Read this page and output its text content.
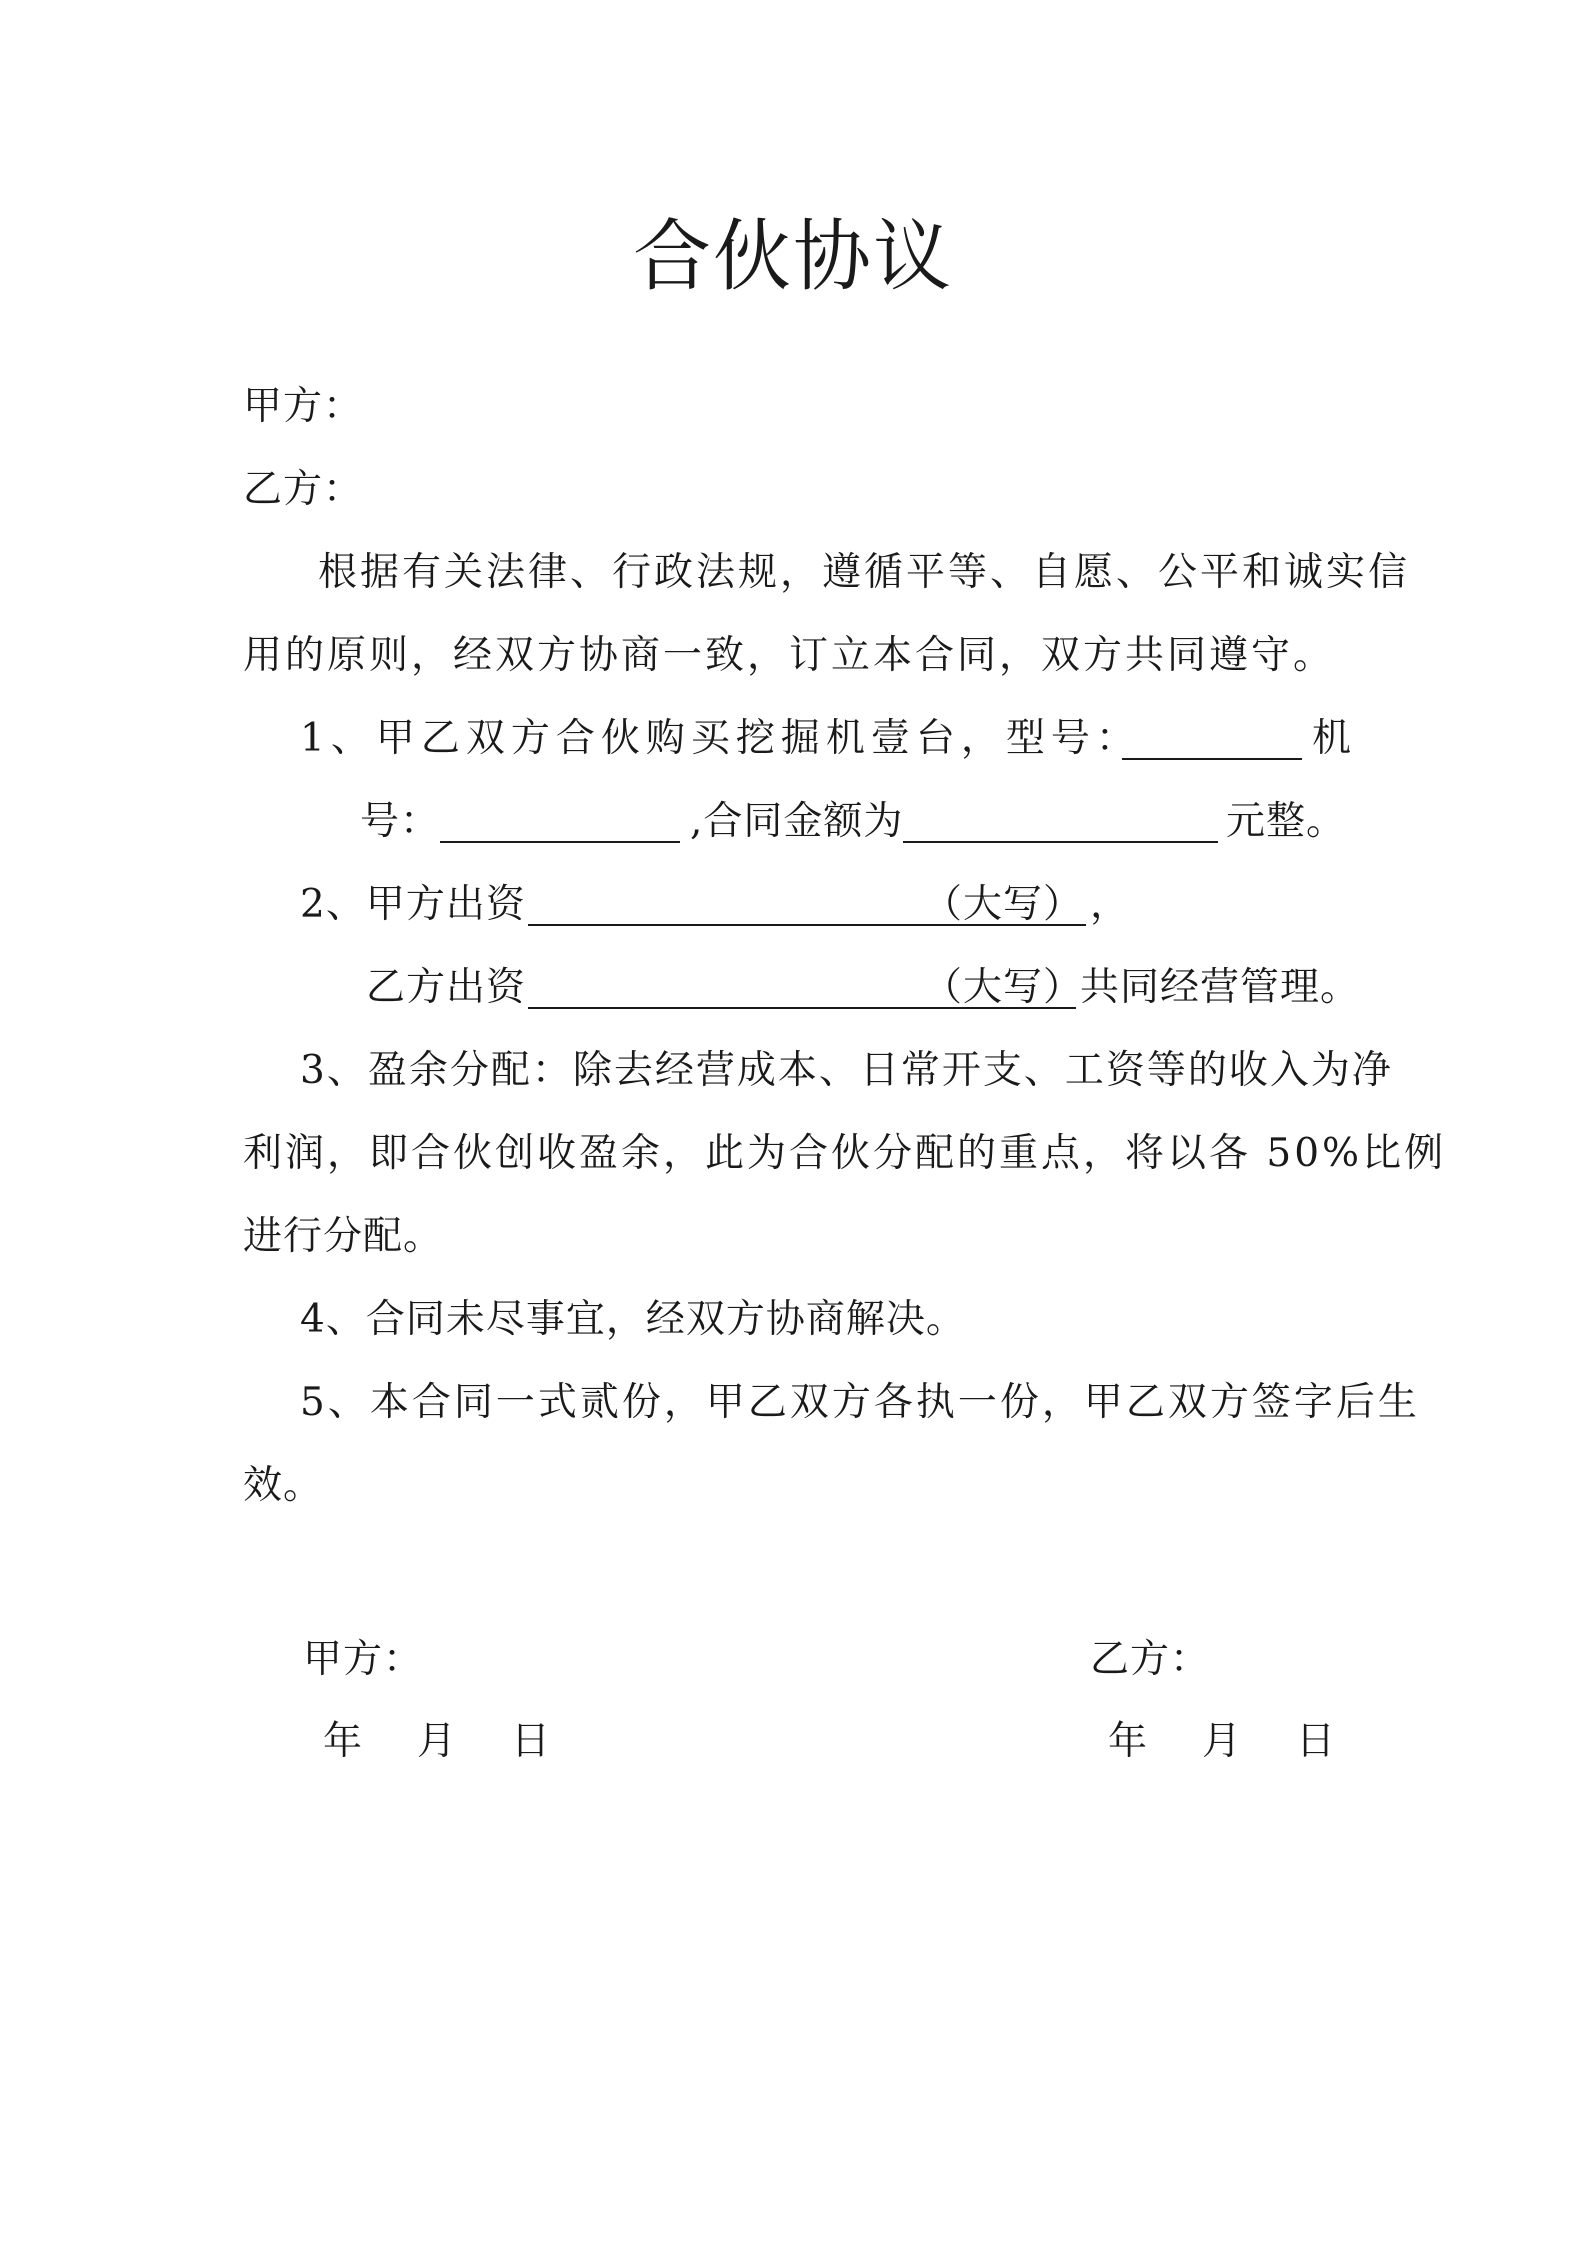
合伙协议
甲方：
乙方：
根据有关法律、行政法规，遵循平等、自愿、公平和诚实信
用的原则，经双方协商一致，订立本合同，双方共同遵守。
1、甲乙双方合伙购买挖掘机壹台，型号：	机
号：	,合同金额为	元整。
2、甲方出资	（大写） ，
乙方出资	（大写）
共同经营管理。
3、盈余分配：除去经营成本、日常开支、工资等的收入为净
利润，即合伙创收盈余，此为合伙分配的重点，将以各 50%比例
进行分配。
4、合同未尽事宜，经双方协商解决。
5、本合同一式贰份，甲乙双方各执一份，甲乙双方签字后生
效。
甲方：	乙方：
年　月　日	年　月　日
